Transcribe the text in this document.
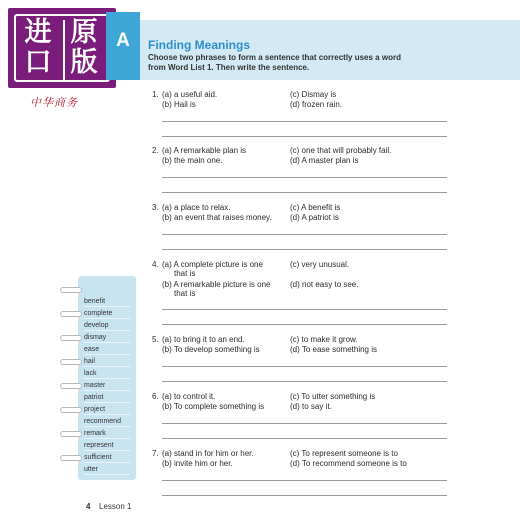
进 原
口 版
中华商务
A	Finding Meanings
Choose two phrases to form a sentence that correctly uses a word from Word List 1. Then write the sentence.
1. (a) a useful aid.
(b) Hail is
(c) Dismay is
(d) frozen rain.
2. (a) A remarkable plan is
(b) the main one.
(c) one that will probably fail.
(d) A master plan is
3. (a) a place to relax.
(b) an event that raises money.
(c) A benefit is
(d) A patriot is
4. (a) A complete picture is one
that is
(b) A remarkable picture is one
that is
(c) very unusual.
(d) not easy to see.
5. (a) to bring it to an end.
(b) To develop something is
(c) to make it grow.
(d) To ease something is
6. (a) to control it.
(b) To complete something is
(c) To utter something is
(d) to say it.
7. (a) stand in for him or her.
(b) invite him or her.
(c) To represent someone is to
(d) To recommend someone is to
benefit
complete
develop
dismay
ease
hail
lack
master
patriot
project
recommend
remark
represent
sufficient
utter
4 Lesson 1
